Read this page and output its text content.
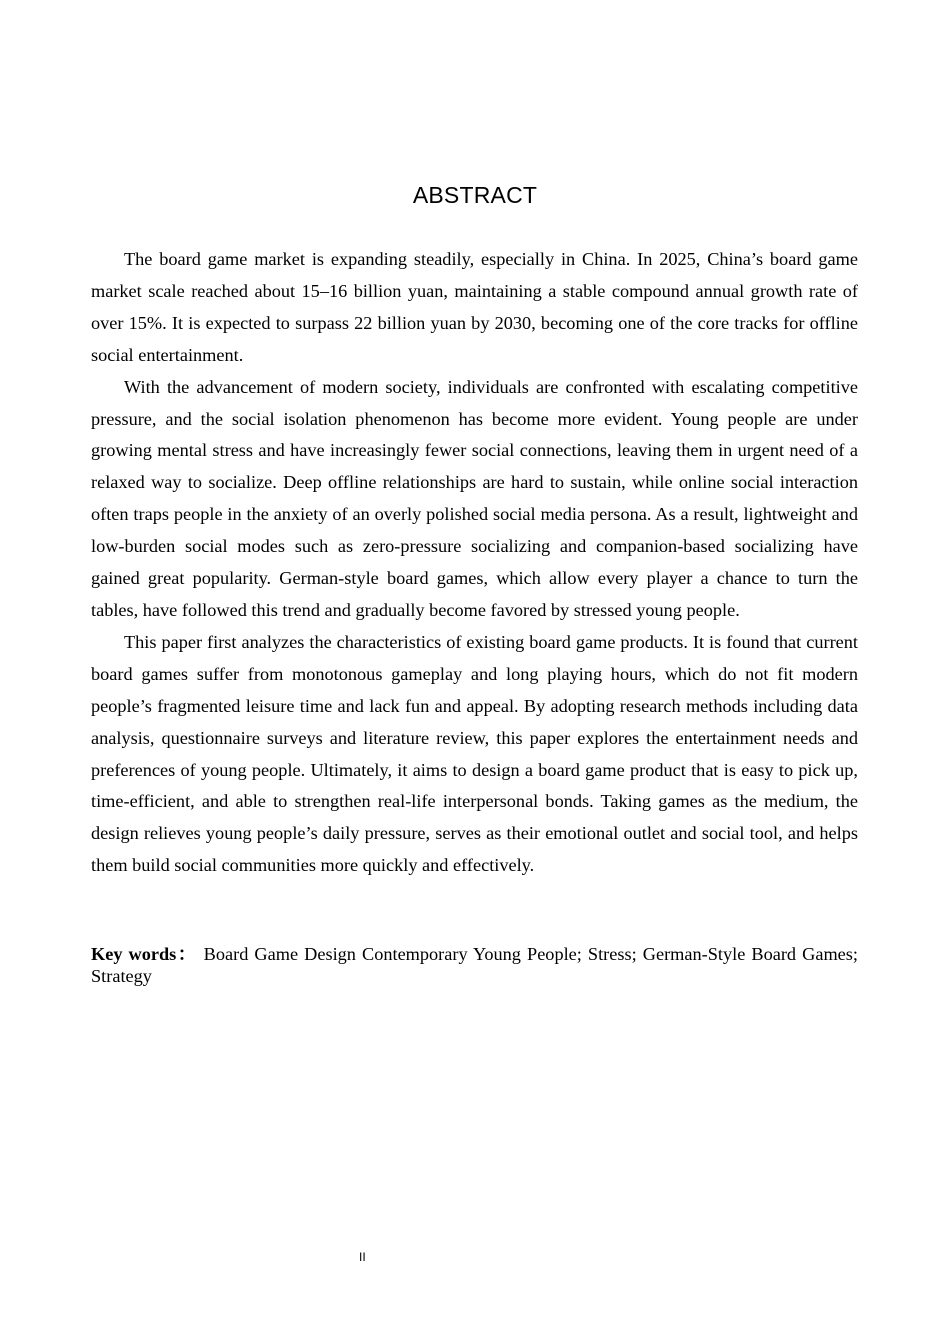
ABSTRACT

The board game market is expanding steadily, especially in China. In 2025, China’s board game market scale reached about 15–16 billion yuan, maintaining a stable compound annual growth rate of over 15%. It is expected to surpass 22 billion yuan by 2030, becoming one of the core tracks for offline social entertainment.

With the advancement of modern society, individuals are confronted with escalating competitive pressure, and the social isolation phenomenon has become more evident. Young people are under growing mental stress and have increasingly fewer social connections, leaving them in urgent need of a relaxed way to socialize. Deep offline relationships are hard to sustain, while online social interaction often traps people in the anxiety of an overly polished social media persona. As a result, lightweight and low-burden social modes such as zero-pressure socializing and companion-based socializing have gained great popularity. German-style board games, which allow every player a chance to turn the tables, have followed this trend and gradually become favored by stressed young people.

This paper first analyzes the characteristics of existing board game products. It is found that current board games suffer from monotonous gameplay and long playing hours, which do not fit modern people’s fragmented leisure time and lack fun and appeal. By adopting research methods including data analysis, questionnaire surveys and literature review, this paper explores the entertainment needs and preferences of young people. Ultimately, it aims to design a board game product that is easy to pick up, time-efficient, and able to strengthen real-life interpersonal bonds. Taking games as the medium, the design relieves young people’s daily pressure, serves as their emotional outlet and social tool, and helps them build social communities more quickly and effectively.

Key words： Board Game Design Contemporary Young People; Stress; German-Style Board Games; Strategy
II
